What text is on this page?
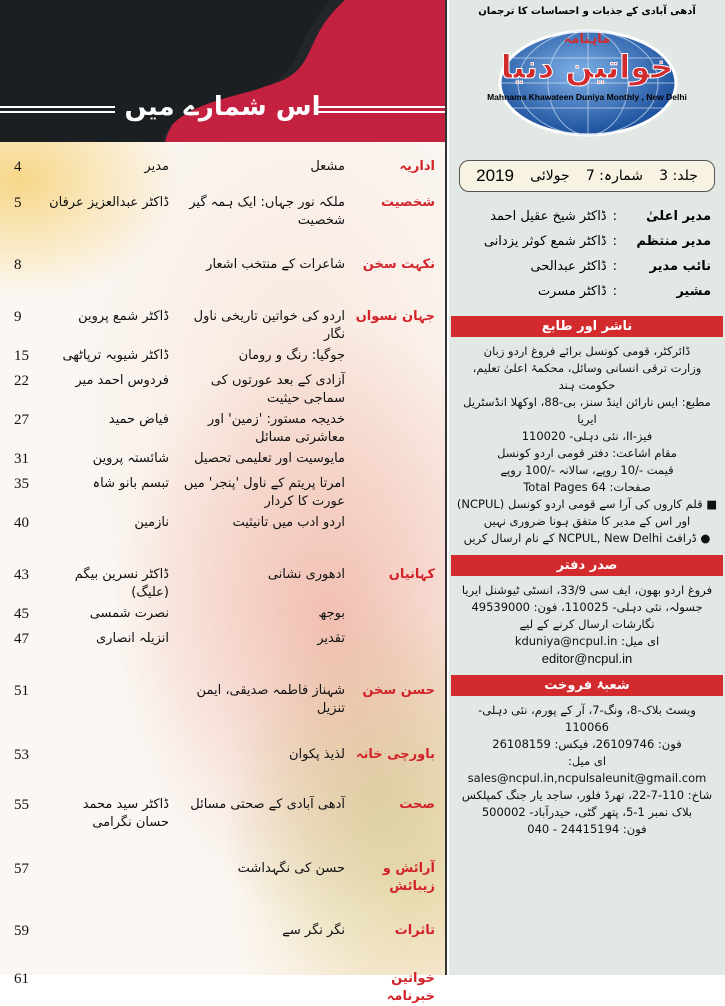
اس شمارے میں
اداریہ
مشعل
مدیر
4
شخصیت
ملکہ نور جہاں: ایک ہمہ گیر شخصیت
ڈاکٹر عبدالعزیز عرفان
5
نکہت سخن
شاعرات کے منتخب اشعار
8
جہان نسواں
اردو کی خواتین تاریخی ناول نگار
ڈاکٹر شمع پروین
9
جوگیا: رنگ و رومان
ڈاکٹر شیوبہ ترپاٹھی
15
آزادی کے بعد عورتوں کی سماجی حیثیت
فردوس احمد میر
22
خدیجہ مستور: 'زمین' اور معاشرتی مسائل
فیاض حمید
27
مایوسیت اور تعلیمی تحصیل
شائستہ پروین
31
امرتا پریتم کے ناول 'پنجر' میں عورت کا کردار
تبسم بانو شاہ
35
اردو ادب میں تانیثیت
نازمین
40
کہانیاں
ادھوری نشانی
ڈاکٹر نسرین بیگم (علیگ)
43
بوجھ
نصرت شمسی
45
تقدیر
انزیلہ انصاری
47
حسن سخن
شہناز فاطمہ صدیقی، ایمن تنزیل
51
باورچی خانہ
لذیذ پکوان
53
صحت
آدھی آبادی کے صحتی مسائل
ڈاکٹر سید محمد حسان نگرامی
55
آرائش و زیبائش
حسن کی نگہداشت
57
تاثرات
نگر نگر سے
59
خواتین خبرنامہ
61
آدھی آبادی کے جذبات و احساسات کا ترجمان
ماہنامہ
خواتین دنیا
Mahnama Khawateen Duniya Monthly , New Delhi
جلد: 3
شمارہ: 7
جولائی
2019
مدیر اعلیٰ
:
ڈاکٹر شیخ عقیل احمد
مدیر منتظم
:
ڈاکٹر شمع کوثر یزدانی
نائب مدیر
:
ڈاکٹر عبدالحی
مشیر
:
ڈاکٹر مسرت
ناشر اور طابع
ڈائرکٹر، قومی کونسل برائے فروغ اردو زبان
وزارت ترقی انسانی وسائل، محکمۂ اعلیٰ تعلیم، حکومت ہند
مطبع: ایس نارائن اینڈ سنز، بی-88، اوکھلا انڈسٹریل ایریا
فیز-II، نئی دہلی- 110020
مقام اشاعت: دفتر قومی اردو کونسل
قیمت -/10 روپے، سالانہ -/100 روپے
صفحات: 64 Total Pages
■ قلم کاروں کی آرا سے قومی اردو کونسل (NCPUL)
اور اس کے مدیر کا متفق ہونا ضروری نہیں
● ڈرافٹ NCPUL, New Delhi کے نام ارسال کریں
صدر دفتر
فروغ اردو بھون، ایف سی 33/9، انسٹی ٹیوشنل ایریا
جسولہ، نئی دہلی- 110025، فون: 49539000
نگارشات ارسال کرنے کے لیے
ای میل: kduniya@ncpul.in
editor@ncpul.in
شعبۂ فروخت
ویسٹ بلاک-8، ونگ-7، آر کے پورم، نئی دہلی- 110066
فون: 26109746، فیکس: 26108159
ای میل: sales@ncpul.in,ncpulsaleunit@gmail.com
شاخ: 110-7-22، تھرڈ فلور، ساجد یار جنگ کمپلکس
بلاک نمبر 1-5، پتھر گٹی، حیدرآباد- 500002
فون: 24415194 - 040
